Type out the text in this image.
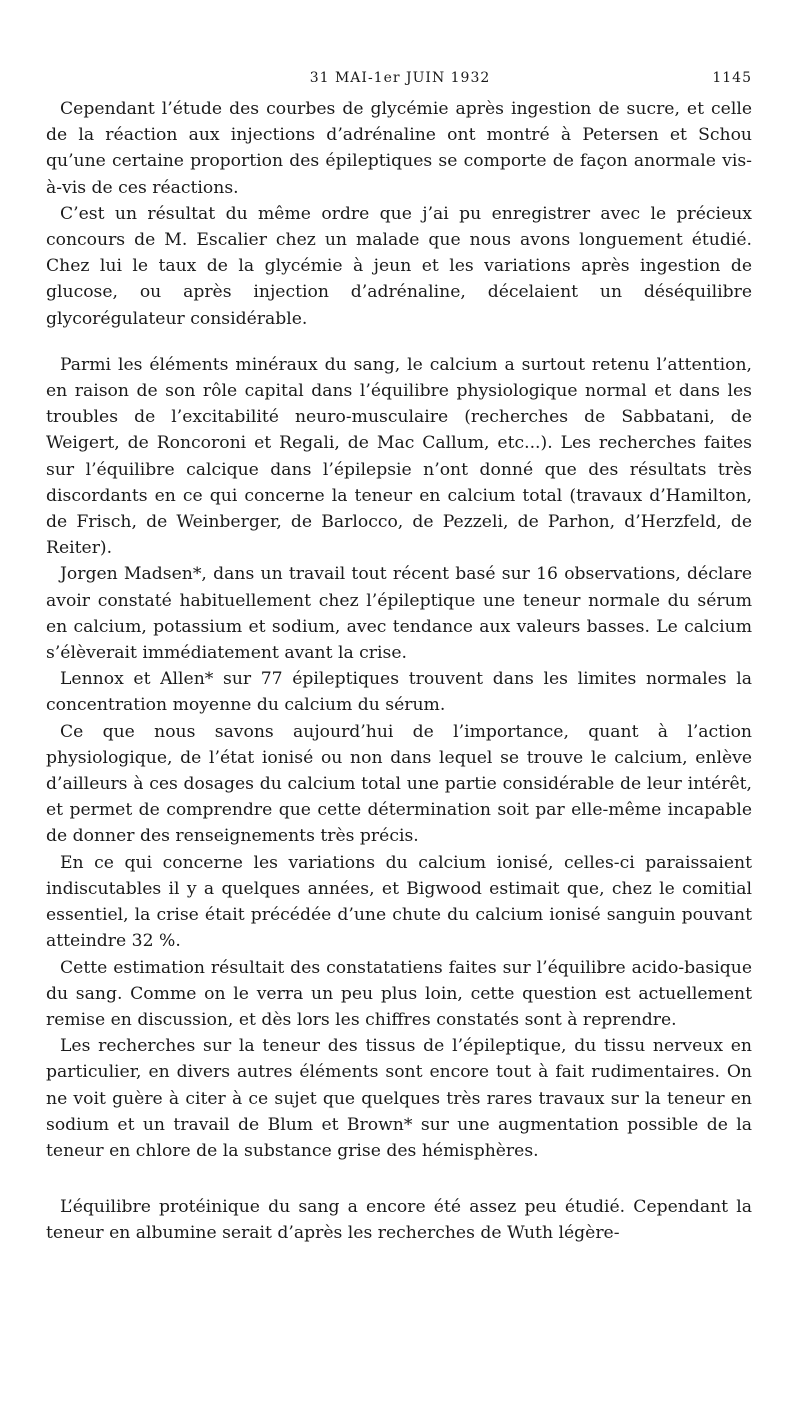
31 MAI-1er JUIN 1932	1145

Cependant l’étude des courbes de glycémie après ingestion de sucre, et celle de la réaction aux injections d’adrénaline ont montré à Petersen et Schou qu’une certaine proportion des épileptiques se comporte de façon anormale vis-à-vis de ces réactions.

C’est un résultat du même ordre que j’ai pu enregistrer avec le précieux concours de M. Escalier chez un malade que nous avons longuement étudié. Chez lui le taux de la glycémie à jeun et les variations après ingestion de glucose, ou après injection d’adrénaline, décelaient un déséquilibre glycorégulateur considérable.

Parmi les éléments minéraux du sang, le calcium a surtout retenu l’attention, en raison de son rôle capital dans l’équilibre physiologique normal et dans les troubles de l’excitabilité neuro-musculaire (recherches de Sabbatani, de Weigert, de Roncoroni et Regali, de Mac Callum, etc...). Les recherches faites sur l’équilibre calcique dans l’épilepsie n’ont donné que des résultats très discordants en ce qui concerne la teneur en calcium total (travaux d’Hamilton, de Frisch, de Weinberger, de Barlocco, de Pezzeli, de Parhon, d’Herzfeld, de Reiter).

Jorgen Madsen*, dans un travail tout récent basé sur 16 observations, déclare avoir constaté habituellement chez l’épileptique une teneur normale du sérum en calcium, potassium et sodium, avec tendance aux valeurs basses. Le calcium s’élèverait immédiatement avant la crise.

Lennox et Allen* sur 77 épileptiques trouvent dans les limites normales la concentration moyenne du calcium du sérum.

Ce que nous savons aujourd’hui de l’importance, quant à l’action physiologique, de l’état ionisé ou non dans lequel se trouve le calcium, enlève d’ailleurs à ces dosages du calcium total une partie considérable de leur intérêt, et permet de comprendre que cette détermination soit par elle-même incapable de donner des renseignements très précis.

En ce qui concerne les variations du calcium ionisé, celles-ci paraissaient indiscutables il y a quelques années, et Bigwood estimait que, chez le comitial essentiel, la crise était précédée d’une chute du calcium ionisé sanguin pouvant atteindre 32 %.

Cette estimation résultait des constatatiens faites sur l’équilibre acido-basique du sang. Comme on le verra un peu plus loin, cette question est actuellement remise en discussion, et dès lors les chiffres constatés sont à reprendre.

Les recherches sur la teneur des tissus de l’épileptique, du tissu nerveux en particulier, en divers autres éléments sont encore tout à fait rudimentaires. On ne voit guère à citer à ce sujet que quelques très rares travaux sur la teneur en sodium et un travail de Blum et Brown* sur une augmentation possible de la teneur en chlore de la substance grise des hémisphères.

L’équilibre protéinique du sang a encore été assez peu étudié. Cependant la teneur en albumine serait d’après les recherches de Wuth légère-
